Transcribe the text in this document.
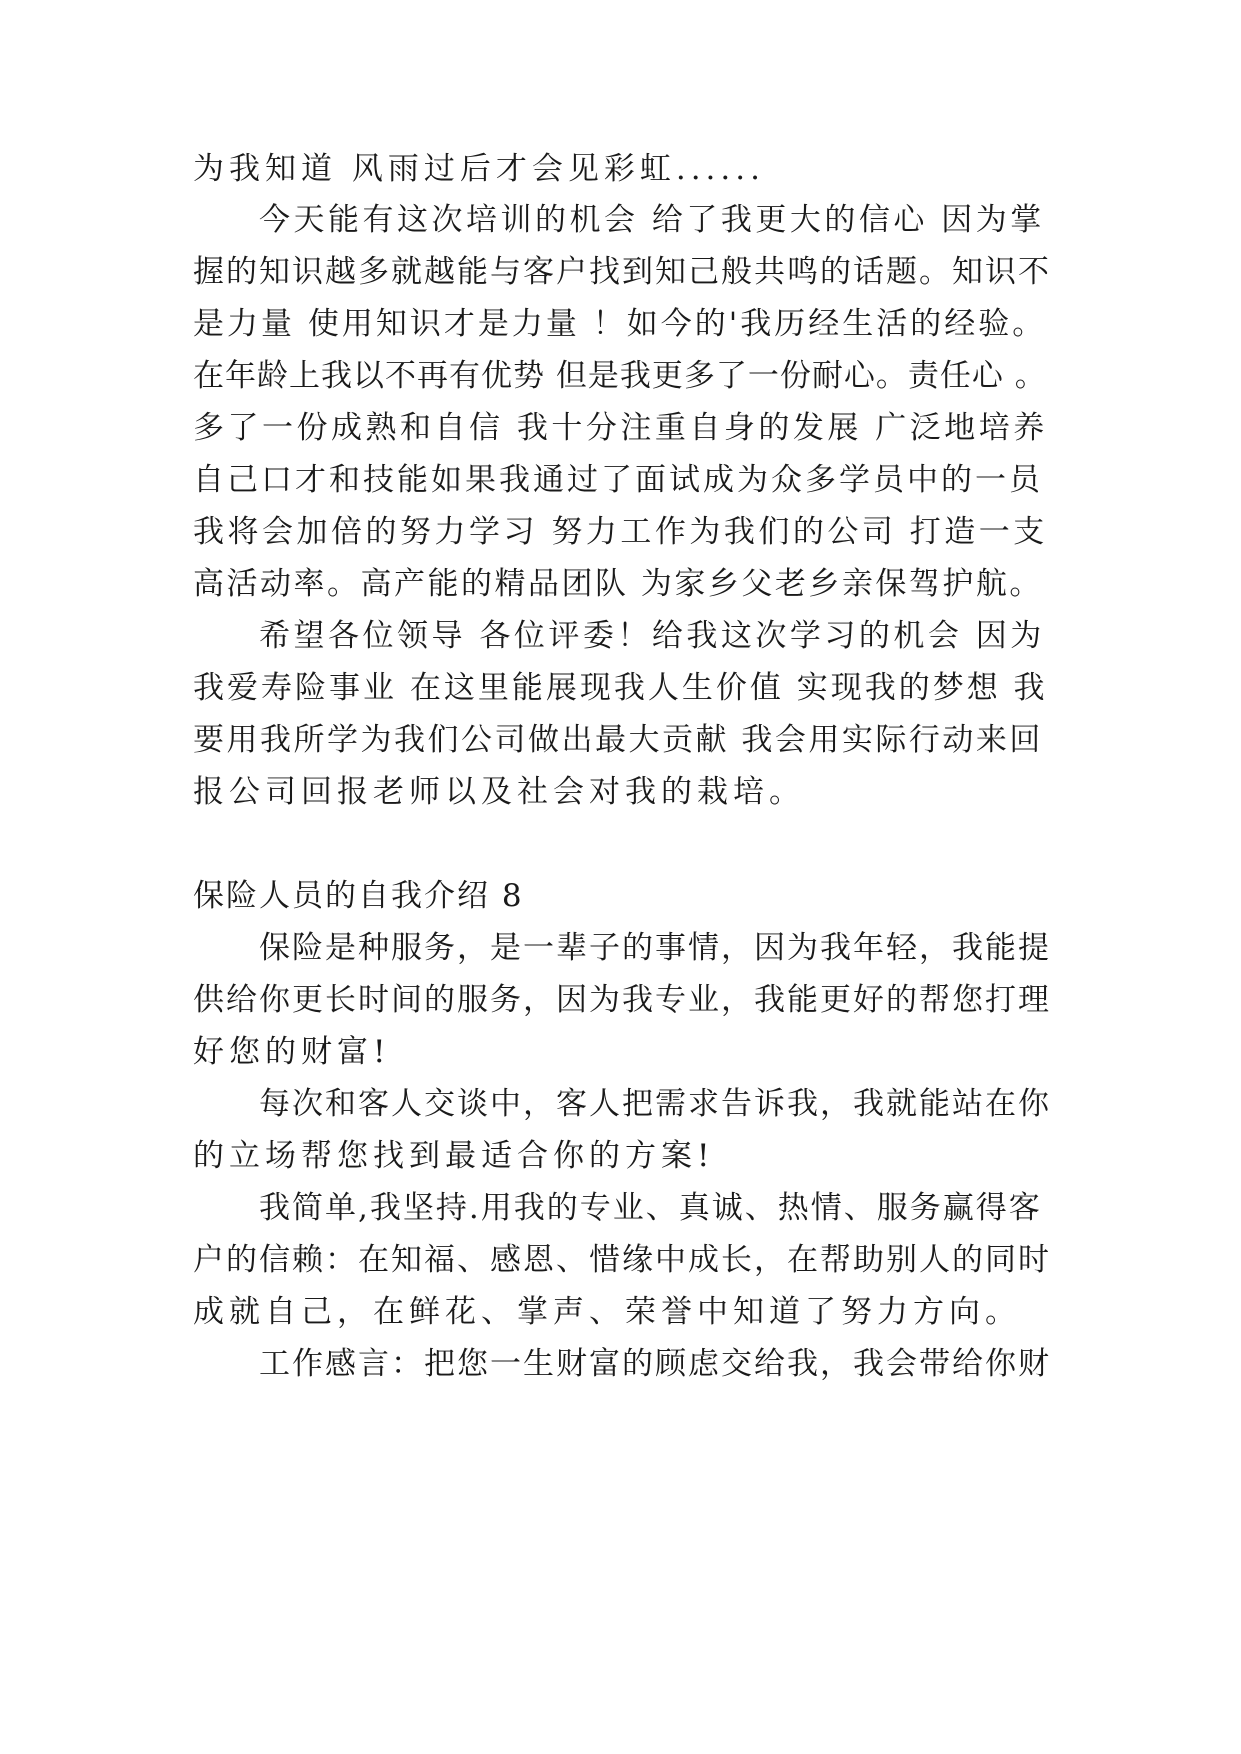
为我知道 风雨过后才会见彩虹......
今天能有这次培训的机会 给了我更大的信心 因为掌
握的知识越多就越能与客户找到知己般共鸣的话题。知识不
是力量 使用知识才是力量 ！如今的'我历经生活的经验。
在年龄上我以不再有优势 但是我更多了一份耐心。责任心 。
多了一份成熟和自信 我十分注重自身的发展 广泛地培养
自己口才和技能如果我通过了面试成为众多学员中的一员
我将会加倍的努力学习 努力工作为我们的公司 打造一支
高活动率。高产能的精品团队 为家乡父老乡亲保驾护航。
希望各位领导 各位评委！给我这次学习的机会 因为
我爱寿险事业 在这里能展现我人生价值 实现我的梦想 我
要用我所学为我们公司做出最大贡献 我会用实际行动来回
报公司回报老师以及社会对我的栽培。
保险人员的自我介绍 8
保险是种服务，是一辈子的事情，因为我年轻，我能提
供给你更长时间的服务，因为我专业，我能更好的帮您打理
好您的财富!
每次和客人交谈中，客人把需求告诉我，我就能站在你
的立场帮您找到最适合你的方案!
我简单,我坚持.用我的专业、真诚、热情、服务赢得客
户的信赖：在知福、感恩、惜缘中成长，在帮助别人的同时
成就自己，在鲜花、掌声、荣誉中知道了努力方向。
工作感言：把您一生财富的顾虑交给我，我会带给你财
